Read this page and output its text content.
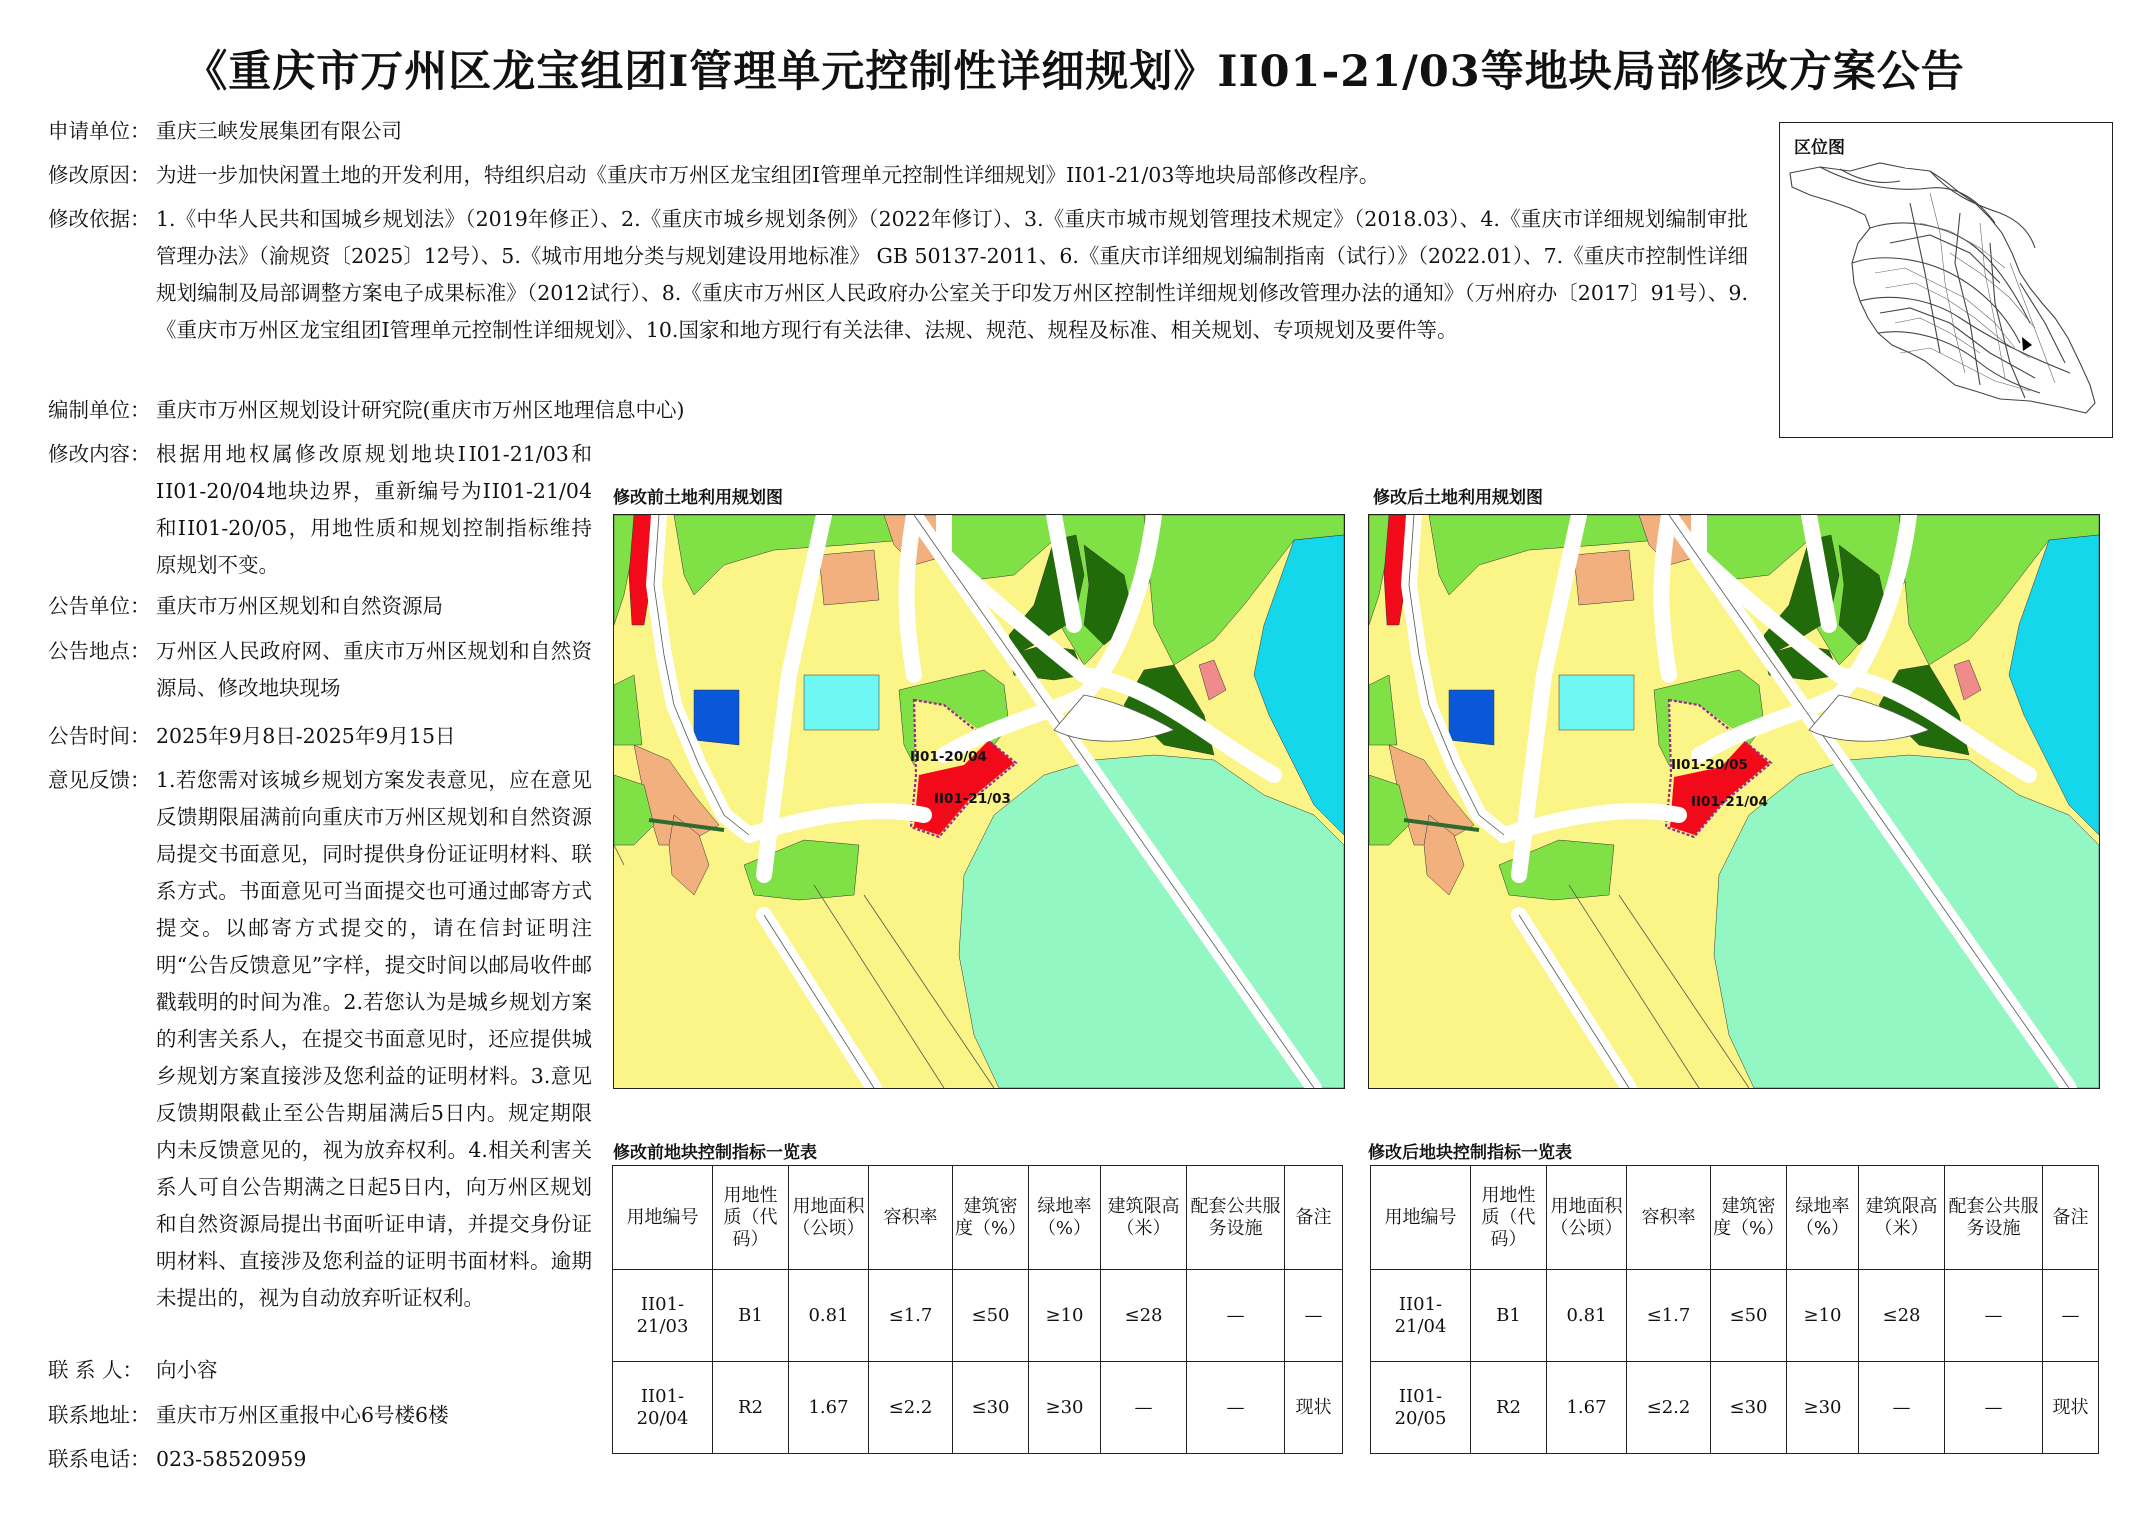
《重庆市万州区龙宝组团Ⅰ管理单元控制性详细规划》ⅠI01-21/03等地块局部修改方案公告
申请单位： 重庆三峡发展集团有限公司
修改原因： 为进一步加快闲置土地的开发利用，特组织启动《重庆市万州区龙宝组团Ⅰ管理单元控制性详细规划》ⅠI01-21/03等地块局部修改程序。
修改依据： 1.《中华人民共和国城乡规划法》（2019年修正）、2.《重庆市城乡规划条例》（2022年修订）、3.《重庆市城市规划管理技术规定》（2018.03）、4.《重庆市详细规划编制审批管理办法》（渝规资〔2025〕12号）、5.《城市用地分类与规划建设用地标准》 GB 50137-2011、6.《重庆市详细规划编制指南（试行）》（2022.01）、7.《重庆市控制性详细规划编制及局部调整方案电子成果标准》（2012试行）、8.《重庆市万州区人民政府办公室关于印发万州区控制性详细规划修改管理办法的通知》（万州府办〔2017〕91号）、9.《重庆市万州区龙宝组团Ⅰ管理单元控制性详细规划》、10.国家和地方现行有关法律、法规、规范、规程及标准、相关规划、专项规划及要件等。
编制单位： 重庆市万州区规划设计研究院(重庆市万州区地理信息中心)
修改内容： 根据用地权属修改原规划地块ⅠI01-21/03和ⅠI01-20/04地块边界，重新编号为ⅠI01-21/04和ⅠI01-20/05，用地性质和规划控制指标维持原规划不变。
公告单位： 重庆市万州区规划和自然资源局
公告地点： 万州区人民政府网、重庆市万州区规划和自然资源局、修改地块现场
公告时间： 2025年9月8日-2025年9月15日
意见反馈： 1.若您需对该城乡规划方案发表意见，应在意见反馈期限届满前向重庆市万州区规划和自然资源局提交书面意见，同时提供身份证证明材料、联系方式。书面意见可当面提交也可通过邮寄方式提交。以邮寄方式提交的，请在信封证明注明“公告反馈意见”字样，提交时间以邮局收件邮戳载明的时间为准。2.若您认为是城乡规划方案的利害关系人，在提交书面意见时，还应提供城乡规划方案直接涉及您利益的证明材料。3.意见反馈期限截止至公告期届满后5日内。规定期限内未反馈意见的，视为放弃权利。4.相关利害关系人可自公告期满之日起5日内，向万州区规划和自然资源局提出书面听证申请，并提交身份证明材料、直接涉及您利益的证明书面材料。逾期未提出的，视为自动放弃听证权利。
联 系 人： 向小容
联系地址： 重庆市万州区重报中心6号楼6楼
联系电话： 023-58520959
区位图
修改前土地利用规划图	修改后土地利用规划图
ⅠI01-20/04
ⅠI01-21/03
ⅠI01-20/05
ⅠI01-21/04
修改前地块控制指标一览表	修改后地块控制指标一览表
用地编号	用地性质（代码）	用地面积（公顷）	容积率	建筑密度（%）	绿地率（%）	建筑限高（米）	配套公共服务设施	备注
ⅠI01-21/03	B1	0.81	≤1.7	≤50	≥10	≤28	—	—
ⅠI01-20/04	R2	1.67	≤2.2	≤30	≥30	—	—	现状
用地编号	用地性质（代码）	用地面积（公顷）	容积率	建筑密度（%）	绿地率（%）	建筑限高（米）	配套公共服务设施	备注
ⅠI01-21/04	B1	0.81	≤1.7	≤50	≥10	≤28	—	—
ⅠI01-20/05	R2	1.67	≤2.2	≤30	≥30	—	—	现状
